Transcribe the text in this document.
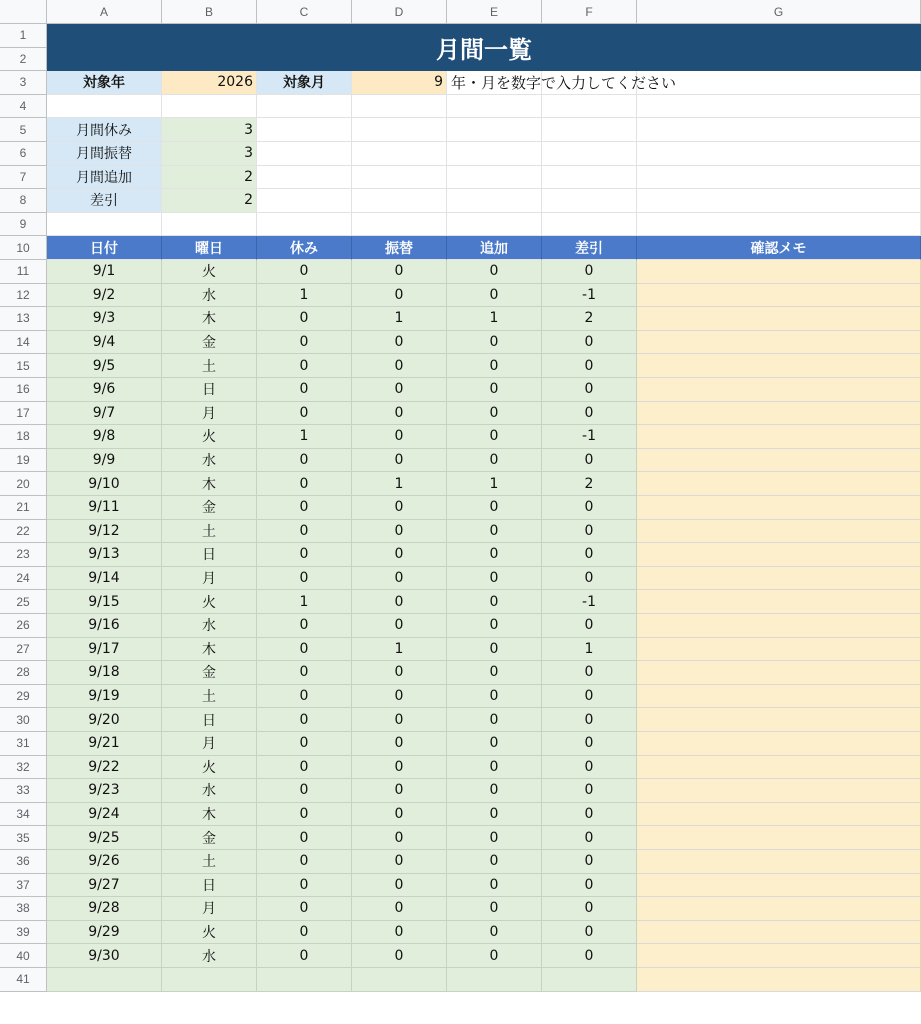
A	B	C	D	E	F	G
1
2
3
4
5
6
7
8
9
10
11
12
13
14
15
16
17
18
19
20
21
22
23
24
25
26
27
28
29
30
31
32
33
34
35
36
37
38
39
40
41
月間一覧
対象年	2026	対象月	9 年・月を数字で入力してください
月間休み	3
月間振替	3
月間追加	2
差引	2
日付	曜日	休み	振替	追加	差引	確認メモ
9/1	火	0	0	0	0
9/2	水	1	0	0	-1
9/3	木	0	1	1	2
9/4	金	0	0	0	0
9/5	土	0	0	0	0
9/6	日	0	0	0	0
9/7	月	0	0	0	0
9/8	火	1	0	0	-1
9/9	水	0	0	0	0
9/10	木	0	1	1	2
9/11	金	0	0	0	0
9/12	土	0	0	0	0
9/13	日	0	0	0	0
9/14	月	0	0	0	0
9/15	火	1	0	0	-1
9/16	水	0	0	0	0
9/17	木	0	1	0	1
9/18	金	0	0	0	0
9/19	土	0	0	0	0
9/20	日	0	0	0	0
9/21	月	0	0	0	0
9/22	火	0	0	0	0
9/23	水	0	0	0	0
9/24	木	0	0	0	0
9/25	金	0	0	0	0
9/26	土	0	0	0	0
9/27	日	0	0	0	0
9/28	月	0	0	0	0
9/29	火	0	0	0	0
9/30	水	0	0	0	0
